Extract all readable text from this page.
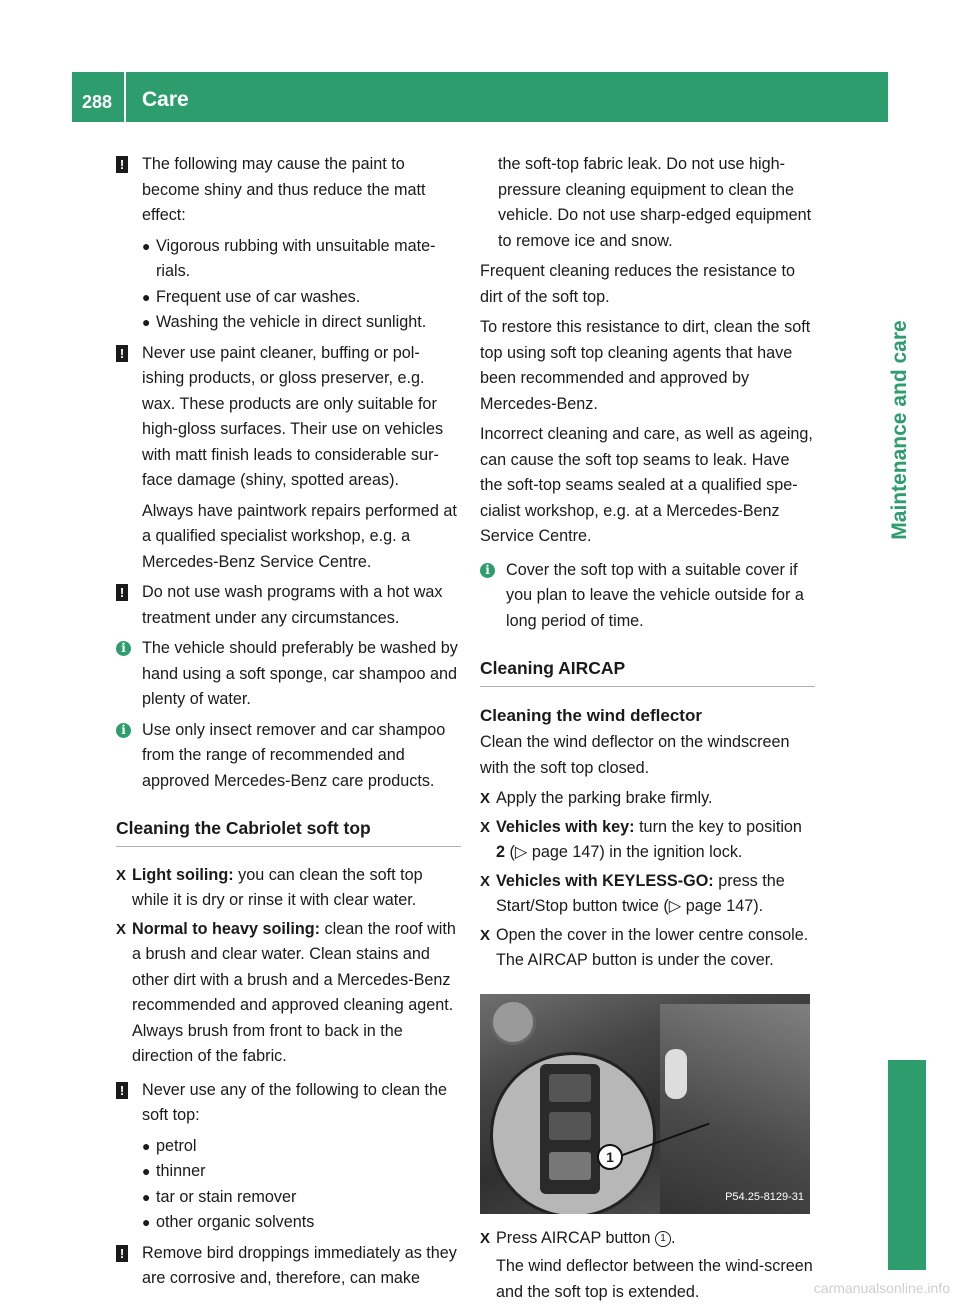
288 Care
Maintenance and care
! The following may cause the paint to become shiny and thus reduce the matt effect:
● Vigorous rubbing with unsuitable mate-rials.
● Frequent use of car washes.
● Washing the vehicle in direct sunlight.
! Never use paint cleaner, buffing or pol-ishing products, or gloss preserver, e.g. wax. These products are only suitable for high-gloss surfaces. Their use on vehicles with matt finish leads to considerable sur-face damage (shiny, spotted areas).
Always have paintwork repairs performed at a qualified specialist workshop, e.g. a Mercedes-Benz Service Centre.
! Do not use wash programs with a hot wax treatment under any circumstances.
i	The vehicle should preferably be washed by hand using a soft sponge, car shampoo and plenty of water.
i	Use only insect remover and car shampoo from the range of recommended and approved Mercedes-Benz care products.
Cleaning the Cabriolet soft top
X Light soiling: you can clean the soft top while it is dry or rinse it with clear water.
X Normal to heavy soiling: clean the roof with a brush and clear water. Clean stains and other dirt with a brush and a Mercedes-Benz recommended and approved cleaning agent. Always brush from front to back in the direction of the fabric.
! Never use any of the following to clean the soft top:
● petrol
● thinner
● tar or stain remover
● other organic solvents
! Remove bird droppings immediately as they are corrosive and, therefore, can make
the soft-top fabric leak. Do not use high-pressure cleaning equipment to clean the vehicle. Do not use sharp-edged equipment to remove ice and snow.
Frequent cleaning reduces the resistance to dirt of the soft top.
To restore this resistance to dirt, clean the soft top using soft top cleaning agents that have been recommended and approved by Mercedes-Benz.
Incorrect cleaning and care, as well as ageing, can cause the soft top seams to leak. Have the soft-top seams sealed at a qualified spe-cialist workshop, e.g. at a Mercedes-Benz Service Centre.
i	Cover the soft top with a suitable cover if you plan to leave the vehicle outside for a long period of time.
Cleaning AIRCAP
Cleaning the wind deflector
Clean the wind deflector on the windscreen with the soft top closed.
X Apply the parking brake firmly.
X Vehicles with key: turn the key to position 2 (▷ page 147) in the ignition lock.
X Vehicles with KEYLESS-GO: press the Start/Stop button twice (▷ page 147).
X Open the cover in the lower centre console. The AIRCAP button is under the cover.
1
P54.25-8129-31
X Press AIRCAP button 1 .
The wind deflector between the wind-screen and the soft top is extended.	carmanualsonline.info
